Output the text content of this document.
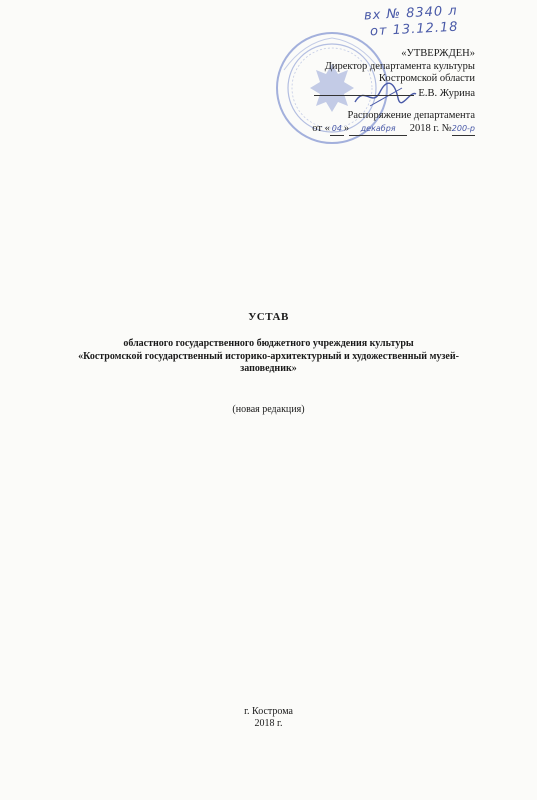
вх № 8340 л
от 13.12.18
«УТВЕРЖДЕН»
Директор департамента культуры
Костромской области
Е.В. Журина
Распоряжение департамента
от « 04 » декабря 2018 г. №200-р
УСТАВ
областного государственного бюджетного учреждения культуры
«Костромской государственный историко-архитектурный и художественный музей-
заповедник»
(новая редакция)
г. Кострома
2018 г.
